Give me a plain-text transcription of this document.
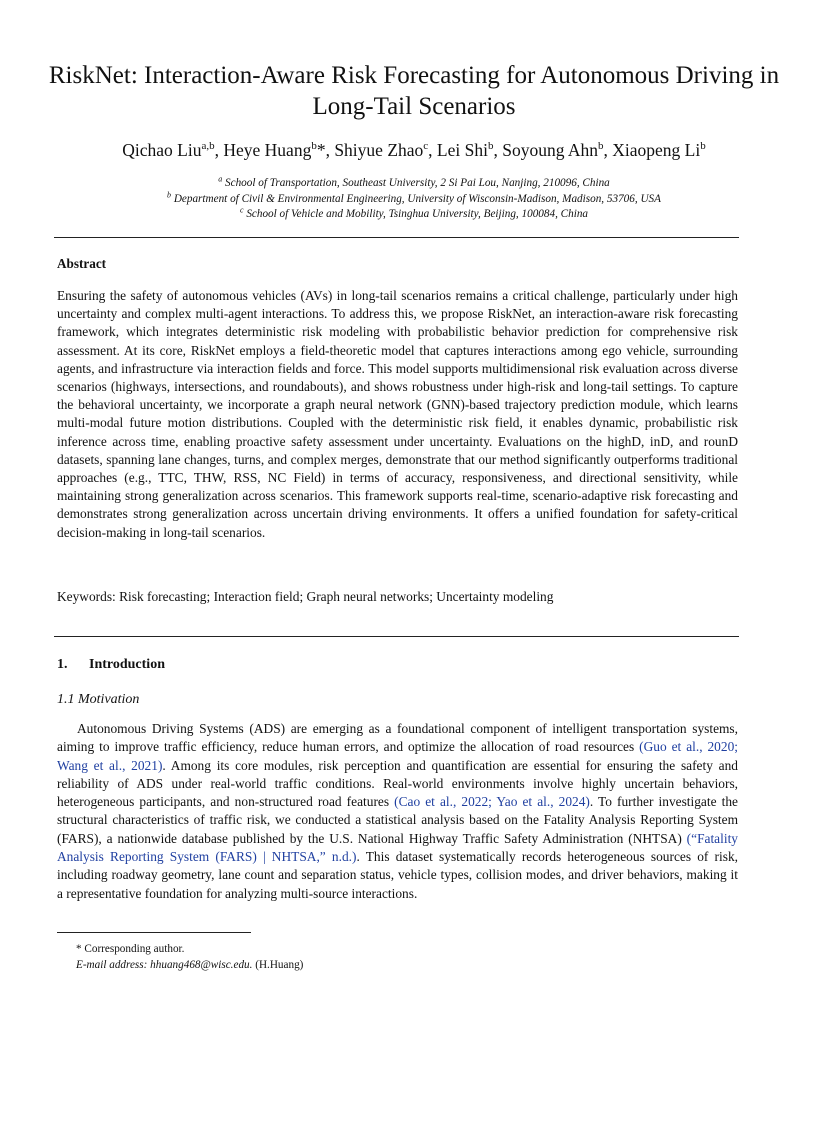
RiskNet: Interaction-Aware Risk Forecasting for Autonomous Driving in Long-Tail Scenarios
Qichao Liu$^{a,b}$, Heye Huang$^b$*, Shiyue Zhao$^c$, Lei Shi$^b$, Soyoung Ahn$^b$, Xiaopeng Li$^b$
$^a$ School of Transportation, Southeast University, 2 Si Pai Lou, Nanjing, 210096, China
$^b$ Department of Civil & Environmental Engineering, University of Wisconsin-Madison, Madison, 53706, USA
$^c$ School of Vehicle and Mobility, Tsinghua University, Beijing, 100084, China
Abstract

Ensuring the safety of autonomous vehicles (AVs) in long-tail scenarios remains a critical challenge, particularly under high uncertainty and complex multi-agent interactions. To address this, we propose RiskNet, an interaction-aware risk forecasting framework, which integrates deterministic risk modeling with probabilistic behavior prediction for comprehensive risk assessment. At its core, RiskNet employs a field-theoretic model that captures interactions among ego vehicle, surrounding agents, and infrastructure via interaction fields and force. This model supports multidimensional risk evaluation across diverse scenarios (highways, intersections, and roundabouts), and shows robustness under high-risk and long-tail settings. To capture the behavioral uncertainty, we incorporate a graph neural network (GNN)-based trajectory prediction module, which learns multi-modal future motion distributions. Coupled with the deterministic risk field, it enables dynamic, probabilistic risk inference across time, enabling proactive safety assessment under uncertainty. Evaluations on the highD, inD, and rounD datasets, spanning lane changes, turns, and complex merges, demonstrate that our method significantly outperforms traditional approaches (e.g., TTC, THW, RSS, NC Field) in terms of accuracy, responsiveness, and directional sensitivity, while maintaining strong generalization across scenarios. This framework supports real-time, scenario-adaptive risk forecasting and demonstrates strong generalization across uncertain driving environments. It offers a unified foundation for safety-critical decision-making in long-tail scenarios.

Keywords: Risk forecasting; Interaction field; Graph neural networks; Uncertainty modeling
1. Introduction
1.1 Motivation

Autonomous Driving Systems (ADS) are emerging as a foundational component of intelligent transportation systems, aiming to improve traffic efficiency, reduce human errors, and optimize the allocation of road resources (Guo et al., 2020; Wang et al., 2021). Among its core modules, risk perception and quantification are essential for ensuring the safety and reliability of ADS under real-world traffic conditions. Real-world environments involve highly uncertain behaviors, heterogeneous participants, and non-structured road features (Cao et al., 2022; Yao et al., 2024). To further investigate the structural characteristics of traffic risk, we conducted a statistical analysis based on the Fatality Analysis Reporting System (FARS), a nationwide database published by the U.S. National Highway Traffic Safety Administration (NHTSA) (“Fatality Analysis Reporting System (FARS) | NHTSA,” n.d.). This dataset systematically records heterogeneous sources of risk, including roadway geometry, lane count and separation status, vehicle types, collision modes, and driver behaviors, making it a representative foundation for analyzing multi-source interactions.

* Corresponding author.
E-mail address: hhuang468@wisc.edu. (H.Huang)
